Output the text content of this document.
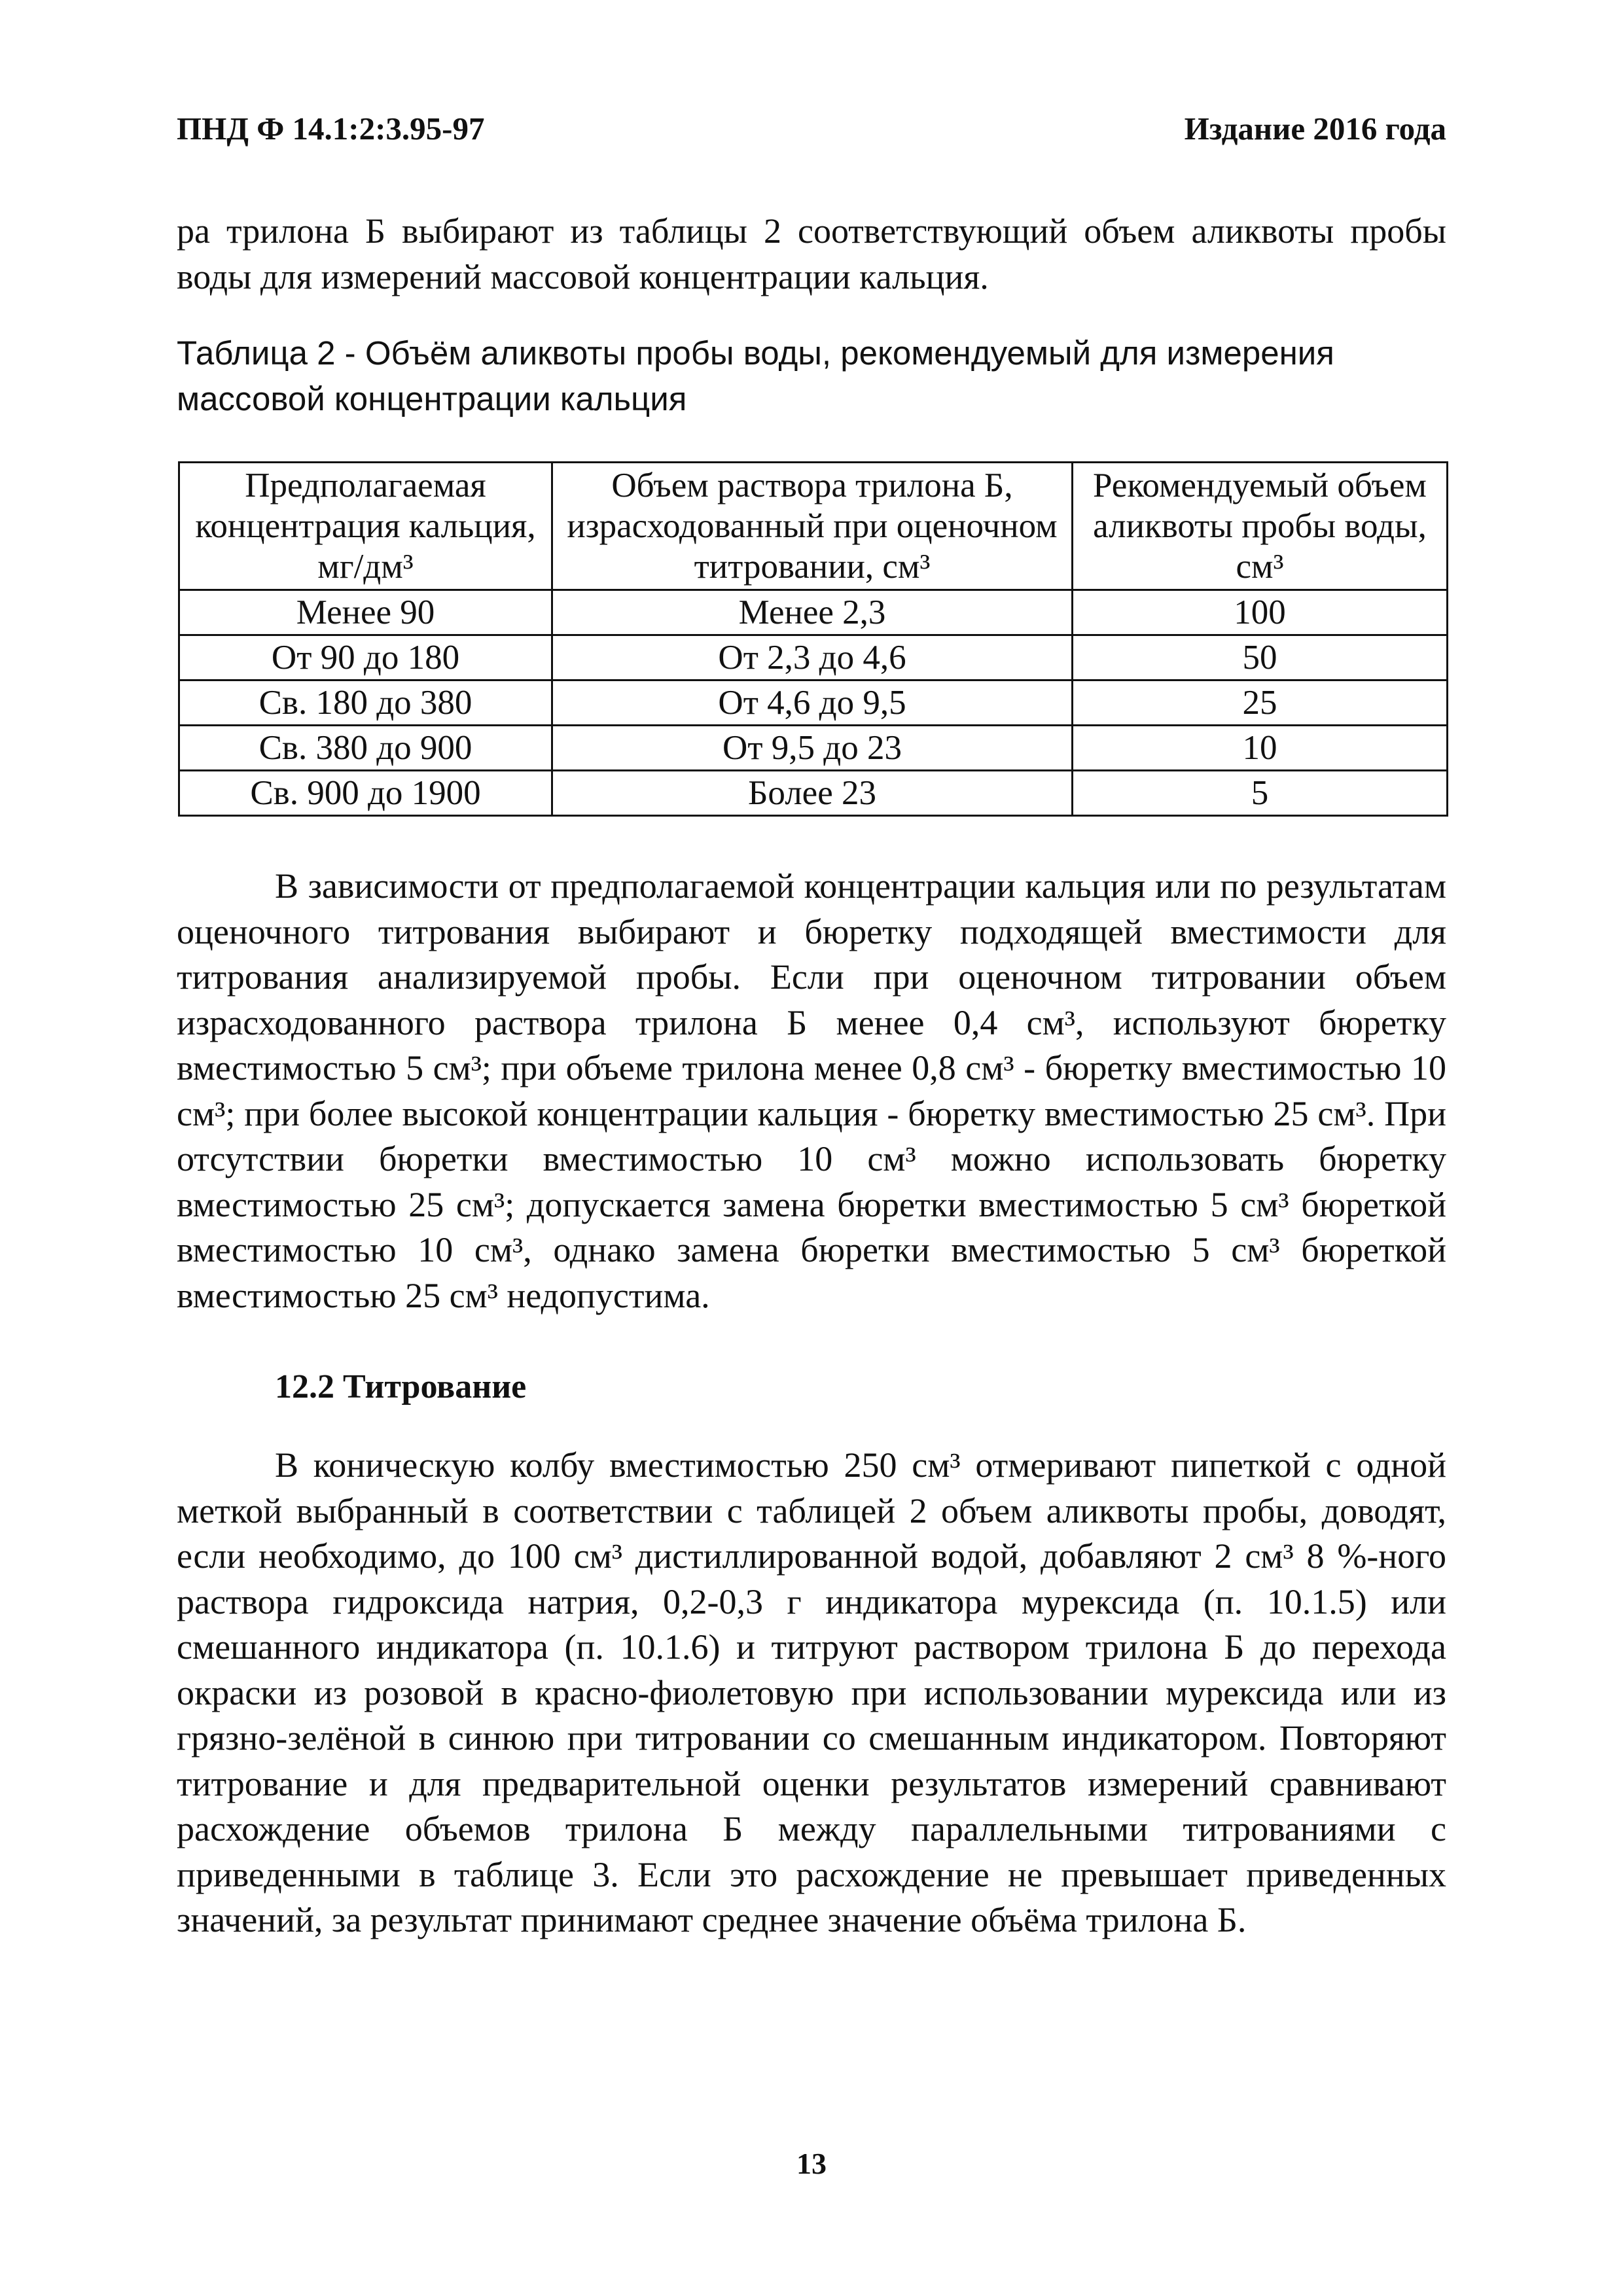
ПНД Ф 14.1:2:3.95-97	Издание 2016 года

ра трилона Б выбирают из таблицы 2 соответствующий объем аликвоты пробы воды для измерений массовой концентрации кальция.

Таблица 2 - Объём аликвоты пробы воды, рекомендуемый для измерения массовой концентрации кальция

Предполагаемая концентрация кальция, мг/дм³	Объем раствора трилона Б, израсходованный при оценочном титровании, см³	Рекомендуемый объем аликвоты пробы воды, см³
Менее 90	Менее 2,3	100
От 90 до 180	От 2,3 до 4,6	50
Св. 180 до 380	От 4,6 до 9,5	25
Св. 380 до 900	От 9,5 до 23	10
Св. 900 до 1900	Более 23	5

В зависимости от предполагаемой концентрации кальция или по результатам оценочного титрования выбирают и бюретку подходящей вместимости для титрования анализируемой пробы. Если при оценочном титровании объем израсходованного раствора трилона Б менее 0,4 см³, используют бюретку вместимостью 5 см³; при объеме трилона менее 0,8 см³ - бюретку вместимостью 10 см³; при более высокой концентрации кальция - бюретку вместимостью 25 см³. При отсутствии бюретки вместимостью 10 см³ можно использовать бюретку вместимостью 25 см³; допускается замена бюретки вместимостью 5 см³ бюреткой вместимостью 10 см³, однако замена бюретки вместимостью 5 см³ бюреткой вместимостью 25 см³ недопустима.

12.2 Титрование

В коническую колбу вместимостью 250 см³ отмеривают пипеткой с одной меткой выбранный в соответствии с таблицей 2 объем аликвоты пробы, доводят, если необходимо, до 100 см³ дистиллированной водой, добавляют 2 см³ 8 %-ного раствора гидроксида натрия, 0,2-0,3 г индикатора мурексида (п. 10.1.5) или смешанного индикатора (п. 10.1.6) и титруют раствором трилона Б до перехода окраски из розовой в красно-фиолетовую при использовании мурексида или из грязно-зелёной в синюю при титровании со смешанным индикатором. Повторяют титрование и для предварительной оценки результатов измерений сравнивают расхождение объемов трилона Б между параллельными титрованиями с приведенными в таблице 3. Если это расхождение не превышает приведенных значений, за результат принимают среднее значение объёма трилона Б.

13
